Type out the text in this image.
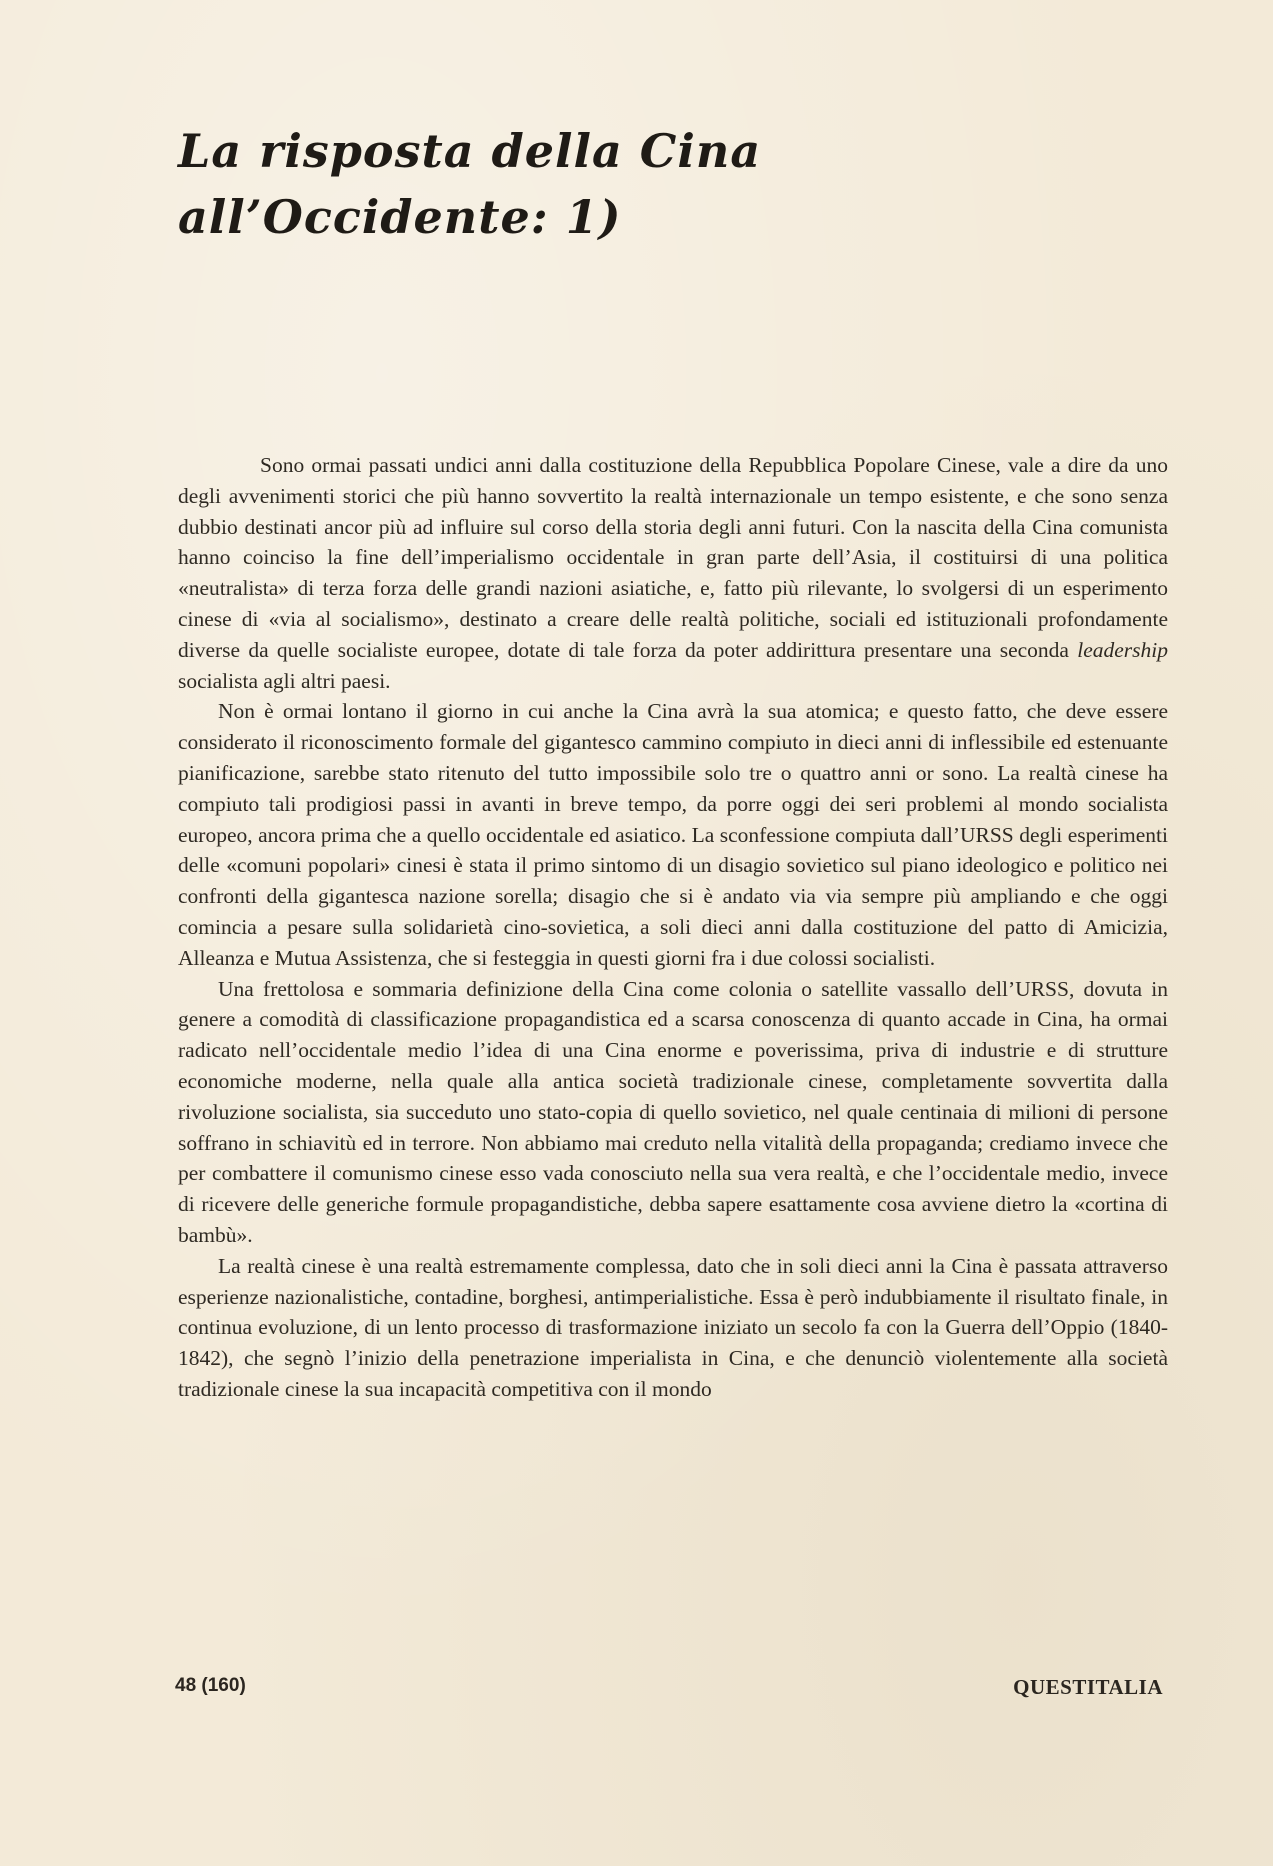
La risposta della Cina
all’Occidente: 1)

Sono ormai passati undici anni dalla costituzione della Repubblica Popolare Cinese, vale a dire da uno degli avvenimenti storici che più hanno sovvertito la realtà internazionale un tempo esistente, e che sono senza dubbio destinati ancor più ad influire sul corso della storia degli anni futuri. Con la nascita della Cina comunista hanno coinciso la fine dell’imperialismo occidentale in gran parte dell’Asia, il costituirsi di una politica «neutralista» di terza forza delle grandi nazioni asiatiche, e, fatto più rilevante, lo svolgersi di un esperimento cinese di «via al socialismo», destinato a creare delle realtà politiche, sociali ed istituzionali profondamente diverse da quelle socialiste europee, dotate di tale forza da poter addirittura presentare una seconda leadership socialista agli altri paesi.

Non è ormai lontano il giorno in cui anche la Cina avrà la sua atomica; e questo fatto, che deve essere considerato il riconoscimento formale del gigantesco cammino compiuto in dieci anni di inflessibile ed estenuante pianificazione, sarebbe stato ritenuto del tutto impossibile solo tre o quattro anni or sono. La realtà cinese ha compiuto tali prodigiosi passi in avanti in breve tempo, da porre oggi dei seri problemi al mondo socialista europeo, ancora prima che a quello occidentale ed asiatico. La sconfessione compiuta dall’URSS degli esperimenti delle «comuni popolari» cinesi è stata il primo sintomo di un disagio sovietico sul piano ideologico e politico nei confronti della gigantesca nazione sorella; disagio che si è andato via via sempre più ampliando e che oggi comincia a pesare sulla solidarietà cino-sovietica, a soli dieci anni dalla costituzione del patto di Amicizia, Alleanza e Mutua Assistenza, che si festeggia in questi giorni fra i due colossi socialisti.

Una frettolosa e sommaria definizione della Cina come colonia o satellite vassallo dell’URSS, dovuta in genere a comodità di classificazione propagandistica ed a scarsa conoscenza di quanto accade in Cina, ha ormai radicato nell’occidentale medio l’idea di una Cina enorme e poverissima, priva di industrie e di strutture economiche moderne, nella quale alla antica società tradizionale cinese, completamente sovvertita dalla rivoluzione socialista, sia succeduto uno stato-copia di quello sovietico, nel quale centinaia di milioni di persone soffrano in schiavitù ed in terrore. Non abbiamo mai creduto nella vitalità della propaganda; crediamo invece che per combattere il comunismo cinese esso vada conosciuto nella sua vera realtà, e che l’occidentale medio, invece di ricevere delle generiche formule propagandistiche, debba sapere esattamente cosa avviene dietro la «cortina di bambù».

La realtà cinese è una realtà estremamente complessa, dato che in soli dieci anni la Cina è passata attraverso esperienze nazionalistiche, contadine, borghesi, antimperialistiche. Essa è però indubbiamente il risultato finale, in continua evoluzione, di un lento processo di trasformazione iniziato un secolo fa con la Guerra dell’Oppio (1840-1842), che segnò l’inizio della penetrazione imperialista in Cina, e che denunciò violentemente alla società tradizionale cinese la sua incapacità competitiva con il mondo

48 (160)	QUESTITALIA
